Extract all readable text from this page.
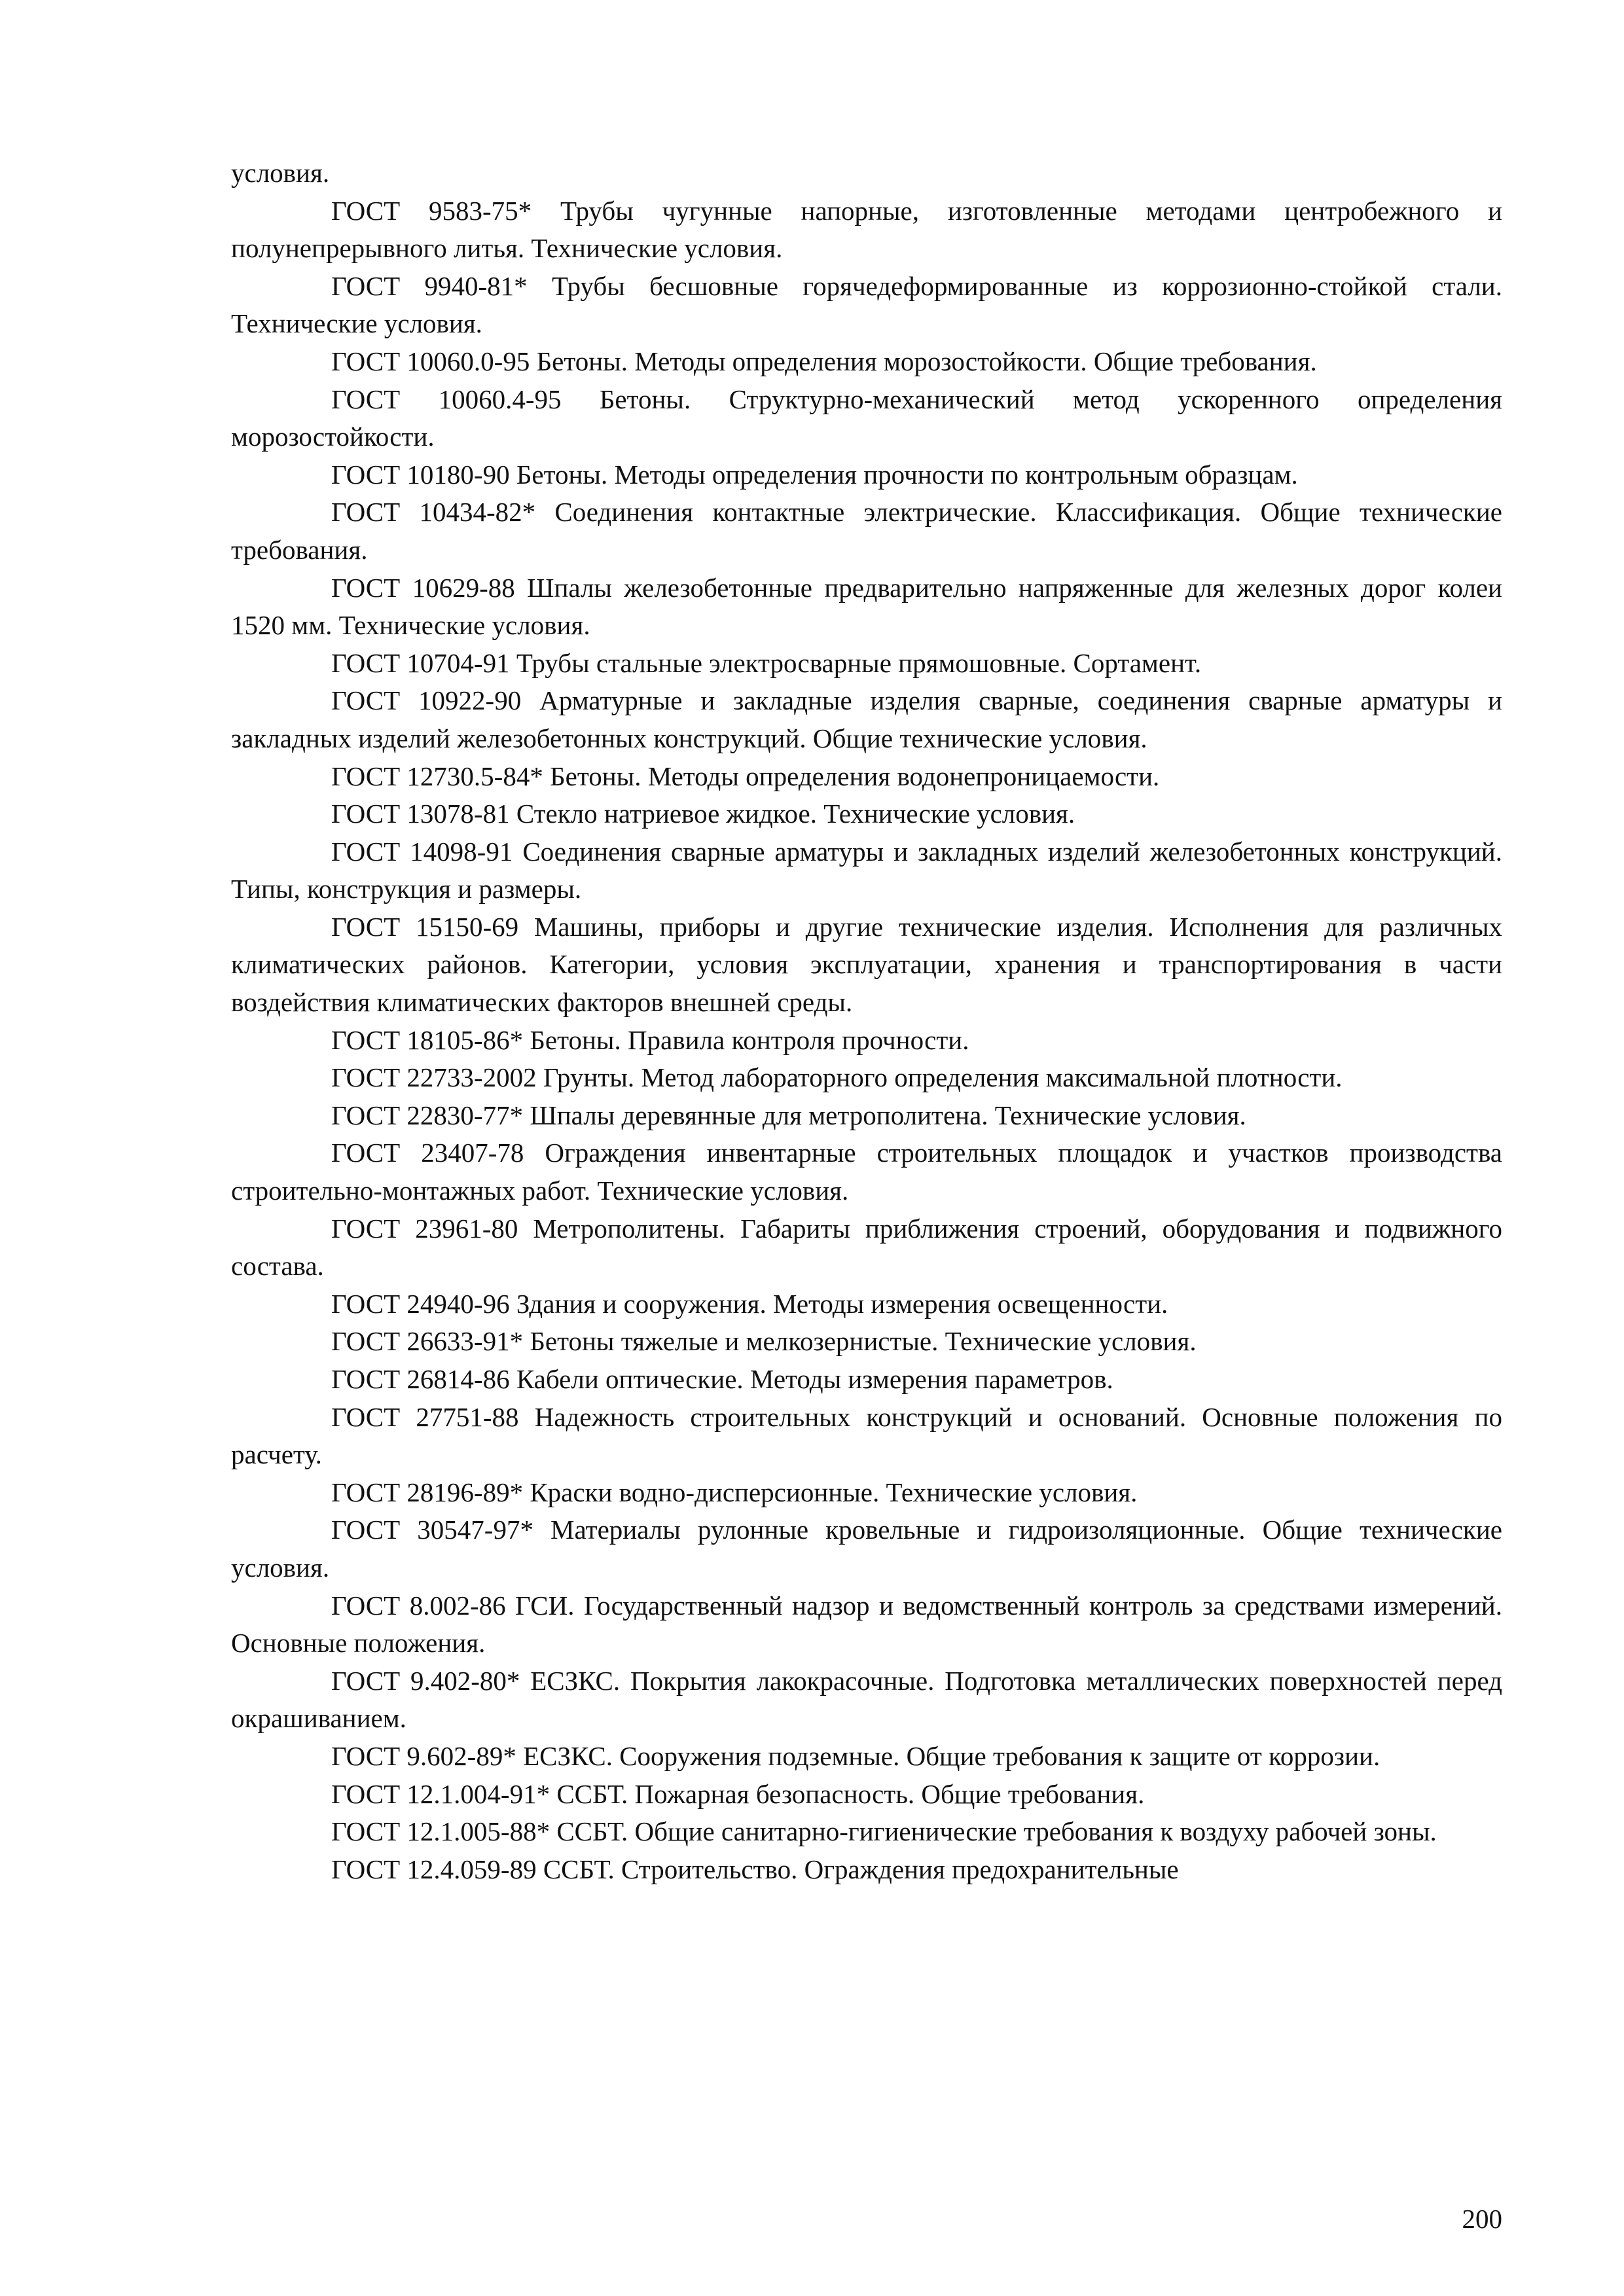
условия.

ГОСТ 9583-75* Трубы чугунные напорные, изготовленные методами центробежного и полунепрерывного литья. Технические условия.

ГОСТ 9940-81* Трубы бесшовные горячедеформированные из коррозионно-стойкой стали. Технические условия.

ГОСТ 10060.0-95 Бетоны. Методы определения морозостойкости. Общие требования.

ГОСТ 10060.4-95 Бетоны. Структурно-механический метод ускоренного определения морозостойкости.

ГОСТ 10180-90 Бетоны. Методы определения прочности по контрольным образцам.

ГОСТ 10434-82* Соединения контактные электрические. Классификация. Общие технические требования.

ГОСТ 10629-88 Шпалы железобетонные предварительно напряженные для железных дорог колеи 1520 мм. Технические условия.

ГОСТ 10704-91 Трубы стальные электросварные прямошовные. Сортамент.

ГОСТ 10922-90 Арматурные и закладные изделия сварные, соединения сварные арматуры и закладных изделий железобетонных конструкций. Общие технические условия.

ГОСТ 12730.5-84* Бетоны. Методы определения водонепроницаемости.

ГОСТ 13078-81 Стекло натриевое жидкое. Технические условия.

ГОСТ 14098-91 Соединения сварные арматуры и закладных изделий железобетонных конструкций. Типы, конструкция и размеры.

ГОСТ 15150-69 Машины, приборы и другие технические изделия. Исполнения для различных климатических районов. Категории, условия эксплуатации, хранения и транспортирования в части воздействия климатических факторов внешней среды.

ГОСТ 18105-86* Бетоны. Правила контроля прочности.

ГОСТ 22733-2002 Грунты. Метод лабораторного определения максимальной плотности.

ГОСТ 22830-77* Шпалы деревянные для метрополитена. Технические условия.

ГОСТ 23407-78 Ограждения инвентарные строительных площадок и участков производства строительно-монтажных работ. Технические условия.

ГОСТ 23961-80 Метрополитены. Габариты приближения строений, оборудования и подвижного состава.

ГОСТ 24940-96 Здания и сооружения. Методы измерения освещенности.

ГОСТ 26633-91* Бетоны тяжелые и мелкозернистые. Технические условия.

ГОСТ 26814-86 Кабели оптические. Методы измерения параметров.

ГОСТ 27751-88 Надежность строительных конструкций и оснований. Основные положения по расчету.

ГОСТ 28196-89* Краски водно-дисперсионные. Технические условия.

ГОСТ 30547-97* Материалы рулонные кровельные и гидроизоляционные. Общие технические условия.

ГОСТ 8.002-86 ГСИ. Государственный надзор и ведомственный контроль за средствами измерений. Основные положения.

ГОСТ 9.402-80* ЕСЗКС. Покрытия лакокрасочные. Подготовка металлических поверхностей перед окрашиванием.

ГОСТ 9.602-89* ЕСЗКС. Сооружения подземные. Общие требования к защите от коррозии.

ГОСТ 12.1.004-91* ССБТ. Пожарная безопасность. Общие требования.

ГОСТ 12.1.005-88* ССБТ. Общие санитарно-гигиенические требования к воздуху рабочей зоны.

ГОСТ 12.4.059-89 ССБТ. Строительство. Ограждения предохранительные

200
